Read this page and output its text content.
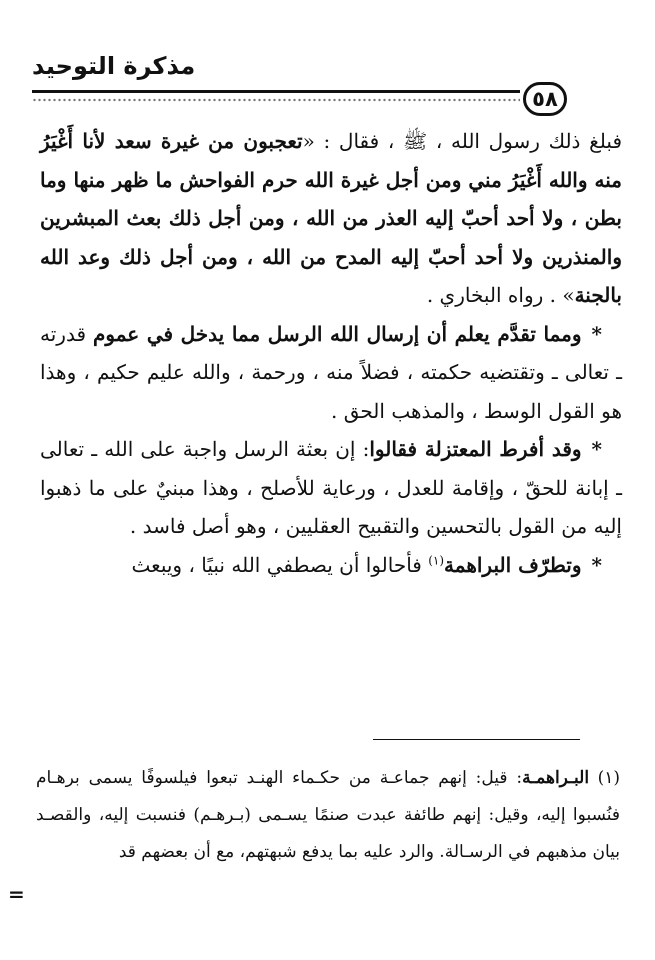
مذكرة التوحيد
٥٨

فبلغ ذلك رسول الله ، ﷺ ، فقال : «تعجبون من غيرة سعد لأنا أَغْيَرُ منه والله أَغْيَرُ مني ومن أجل غيرة الله حرم الفواحش ما ظهر منها وما بطن ، ولا أحد أحبّ إليه العذر من الله ، ومن أجل ذلك بعث المبشرين والمنذرين ولا أحد أحبّ إليه المدح من الله ، ومن أجل ذلك وعد الله بالجنة» . رواه البخاري .

 * ومما تقدَّم يعلم أن إرسال الله الرسل مما يدخل في عموم قدرته ـ تعالى ـ وتقتضيه حكمته ، فضلاً منه ، ورحمة ، والله عليم حكيم ، وهذا هو القول الوسط ، والمذهب الحق .

 * وقد أفرط المعتزلة فقالوا: إن بعثة الرسل واجبة على الله ـ تعالى ـ إبانة للحقّ ، وإقامة للعدل ، ورعاية للأصلح ، وهذا مبنيٌ على ما ذهبوا إليه من القول بالتحسين والتقبيح العقليين ، وهو أصل فاسد .

 * وتطرّف البراهمة$^{(١)}$ فأحالوا أن يصطفي الله نبيًا ، ويبعث

(١) البـراهمـة: قيل: إنهم جماعـة من حكـماء الهنـد تبعوا فيلسوفًا يسمى برهـام فنُسبوا إليه، وقيل: إنهم طائفة عبدت صنمًا يسـمى (بـرهـم) فنسبت إليه، والقصـد بيان مذهبهم في الرسـالة. والرد عليه بما يدفع شبهتهم، مع أن بعضهم قد

=
